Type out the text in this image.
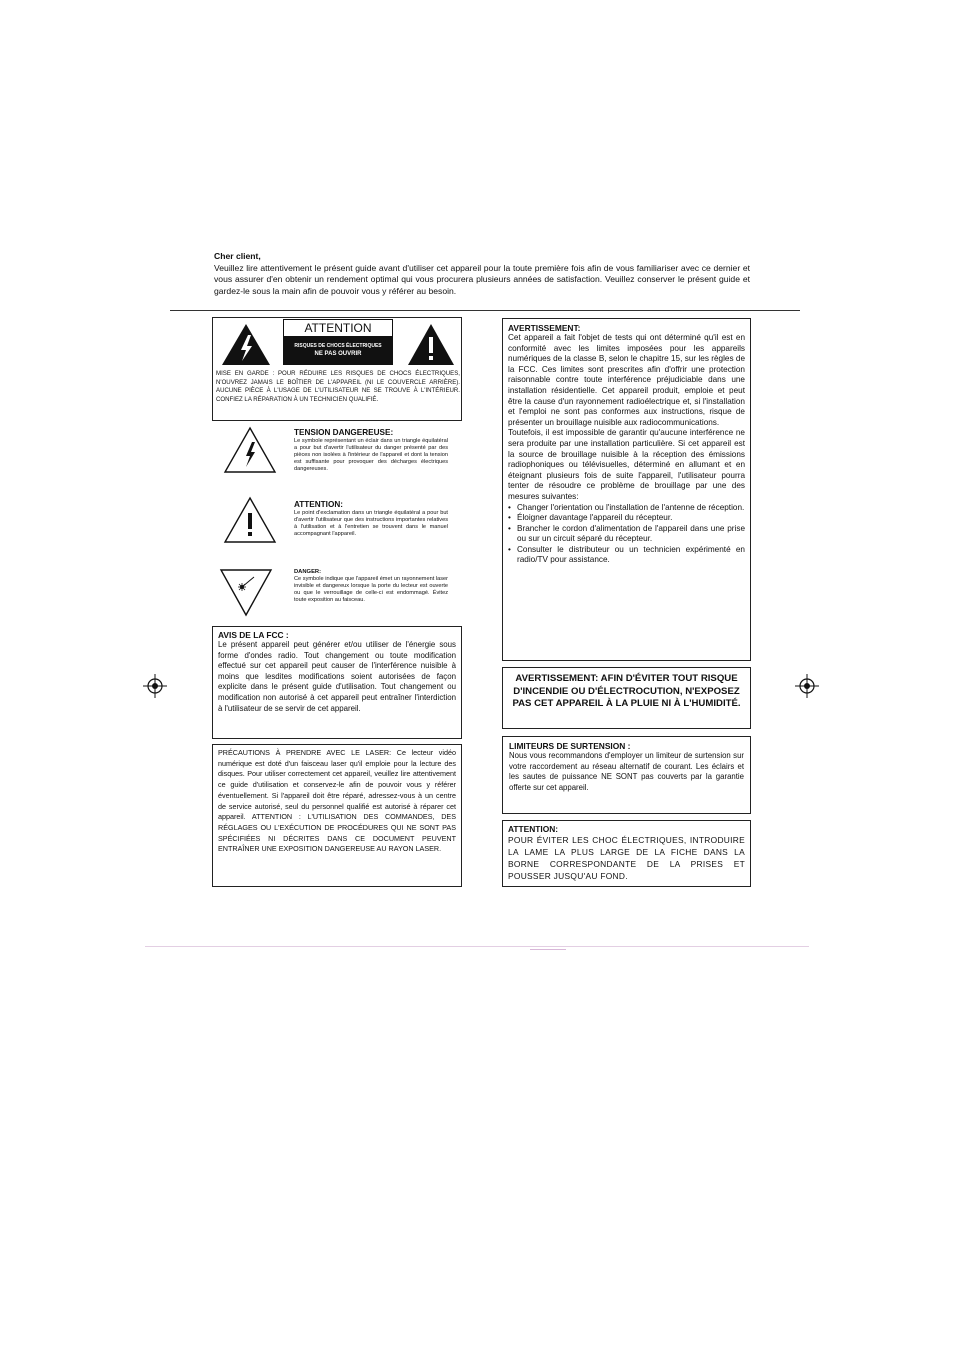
Cher client,
Veuillez lire attentivement le présent guide avant d'utiliser cet appareil pour la toute première fois afin de vous familiariser avec ce dernier et vous assurer d'en obtenir un rendement optimal qui vous procurera plusieurs années de satisfaction. Veuillez conserver le présent guide et gardez-le sous la main afin de pouvoir vous y référer au besoin.
ATTENTION
RISQUES DE CHOCS ÉLECTRIQUES
NE PAS OUVRIR
MISE EN GARDE : POUR RÉDUIRE LES RISQUES DE CHOCS ÉLECTRIQUES, N'OUVREZ JAMAIS LE BOÎTIER DE L'APPAREIL (NI LE COUVERCLE ARRIÈRE). AUCUNE PIÈCE À L'USAGE DE L'UTILISATEUR NE SE TROUVE À L'INTÉRIEUR. CONFIEZ LA RÉPARATION À UN TECHNICIEN QUALIFIÉ.
TENSION DANGEREUSE:
Le symbole représentant un éclair dans un triangle équilatéral a pour but d'avertir l'utilisateur du danger présenté par des pièces non isolées à l'intérieur de l'appareil et dont la tension est suffisante pour provoquer des décharges électriques dangereuses.
ATTENTION:
Le point d'exclamation dans un triangle équilatéral a pour but d'avertir l'utilisateur que des instructions importantes relatives à l'utilisation et à l'entretien se trouvent dans le manuel accompagnant l'appareil.
DANGER:
Ce symbole indique que l'appareil émet un rayonnement laser invisible et dangereux lorsque la porte du lecteur est ouverte ou que le verrouillage de celle-ci est endommagé. Évitez toute exposition au faisceau.
AVIS DE LA FCC :
Le présent appareil peut générer et/ou utiliser de l'énergie sous forme d'ondes radio. Tout changement ou toute modification effectué sur cet appareil peut causer de l'interférence nuisible à moins que lesdites modifications soient autorisées de façon explicite dans le présent guide d'utilisation. Tout changement ou modification non autorisé à cet appareil peut entraîner l'interdiction à l'utilisateur de se servir de cet appareil.
PRÉCAUTIONS À PRENDRE AVEC LE LASER: Ce lecteur vidéo numérique est doté d'un faisceau laser qu'il emploie pour la lecture des disques. Pour utiliser correctement cet appareil, veuillez lire attentivement ce guide d'utilisation et conservez-le afin de pouvoir vous y référer éventuellement. Si l'appareil doit être réparé, adressez-vous à un centre de service autorisé, seul du personnel qualifié est autorisé à réparer cet appareil. ATTENTION : L'UTILISATION DES COMMANDES, DES RÉGLAGES OU L'EXÉCUTION DE PROCÉDURES QUI NE SONT PAS SPÉCIFIÉES NI DÉCRITES DANS CE DOCUMENT PEUVENT ENTRAÎNER UNE EXPOSITION DANGEREUSE AU RAYON LASER.
AVERTISSEMENT:
Cet appareil a fait l'objet de tests qui ont déterminé qu'il est en conformité avec les limites imposées pour les appareils numériques de la classe B, selon le chapitre 15, sur les règles de la FCC. Ces limites sont prescrites afin d'offrir une protection raisonnable contre toute interférence préjudiciable dans une installation résidentielle. Cet appareil produit, emploie et peut être la cause d'un rayonnement radioélectrique et, si l'installation et l'emploi ne sont pas conformes aux instructions, risque de présenter un brouillage nuisible aux radiocommunications.
Toutefois, il est impossible de garantir qu'aucune interférence ne sera produite par une installation particulière. Si cet appareil est la source de brouillage nuisible à la réception des émissions radiophoniques ou télévisuelles, déterminé en allumant et en éteignant plusieurs fois de suite l'appareil, l'utilisateur pourra tenter de résoudre ce problème de brouillage par une des mesures suivantes:
• Changer l'orientation ou l'installation de l'antenne de réception.
• Éloigner davantage l'appareil du récepteur.
• Brancher le cordon d'alimentation de l'appareil dans une prise ou sur un circuit séparé du récepteur.
• Consulter le distributeur ou un technicien expérimenté en radio/TV pour assistance.
AVERTISSEMENT: AFIN D'ÉVITER TOUT RISQUE D'INCENDIE OU D'ÉLECTROCUTION, N'EXPOSEZ PAS CET APPAREIL À LA PLUIE NI À L'HUMIDITÉ.
LIMITEURS DE SURTENSION :
Nous vous recommandons d'employer un limiteur de surtension sur votre raccordement au réseau alternatif de courant. Les éclairs et les sautes de puissance NE SONT pas couverts par la garantie offerte sur cet appareil.
ATTENTION:
POUR ÉVITER LES CHOC ÉLECTRIQUES, INTRODUIRE LA LAME LA PLUS LARGE DE LA FICHE DANS LA BORNE CORRESPONDANTE DE LA PRISES ET POUSSER JUSQU'AU FOND.
